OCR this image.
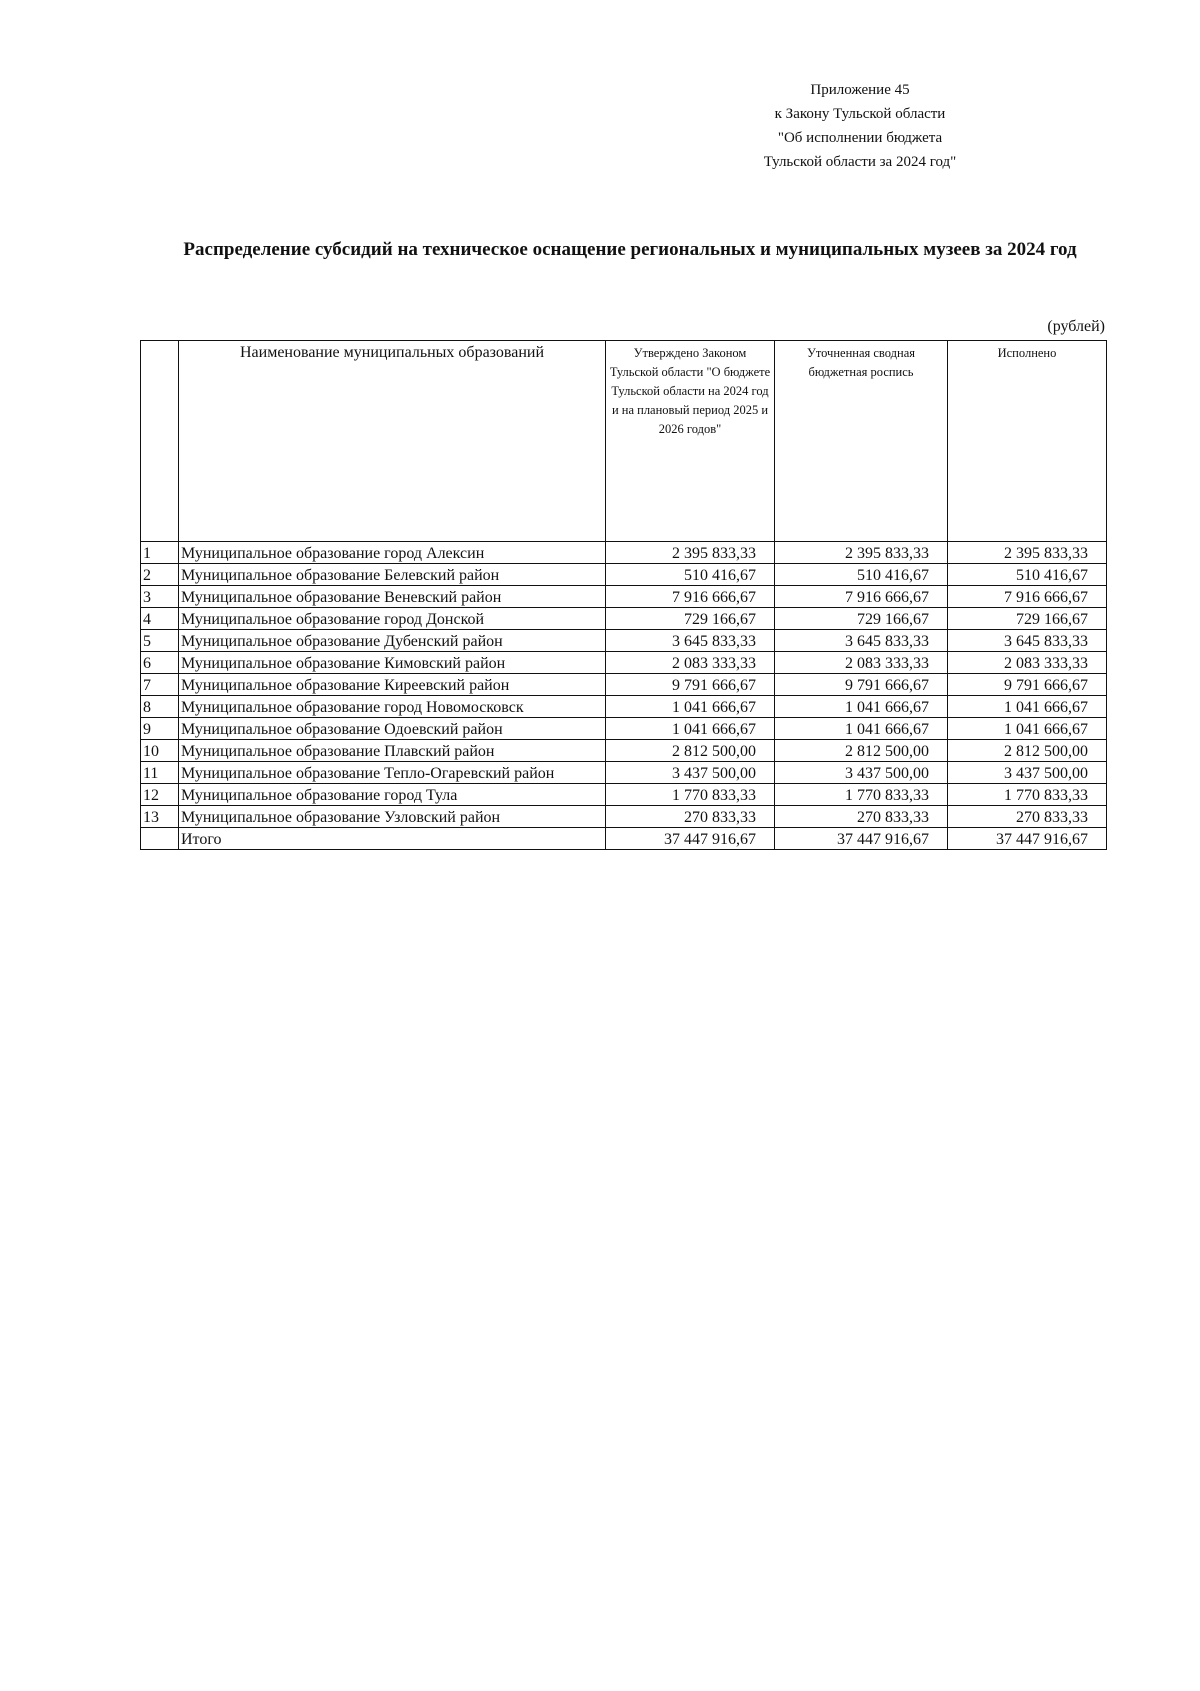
Приложение 45
к Закону Тульской области
"Об исполнении бюджета
Тульской области за 2024 год"
Распределение субсидий на техническое оснащение региональных и муниципальных музеев за 2024 год
(рублей)
	Наименование муниципальных образований	Утверждено Законом Тульской области "О бюджете Тульской области на 2024 год и на плановый период 2025 и 2026 годов"	Уточненная сводная бюджетная роспись	Исполнено
1	Муниципальное образование город Алексин	2 395 833,33	2 395 833,33	2 395 833,33
2	Муниципальное образование Белевский район	510 416,67	510 416,67	510 416,67
3	Муниципальное образование Веневский район	7 916 666,67	7 916 666,67	7 916 666,67
4	Муниципальное образование город Донской	729 166,67	729 166,67	729 166,67
5	Муниципальное образование Дубенский район	3 645 833,33	3 645 833,33	3 645 833,33
6	Муниципальное образование Кимовский район	2 083 333,33	2 083 333,33	2 083 333,33
7	Муниципальное образование Киреевский район	9 791 666,67	9 791 666,67	9 791 666,67
8	Муниципальное образование город Новомосковск	1 041 666,67	1 041 666,67	1 041 666,67
9	Муниципальное образование Одоевский район	1 041 666,67	1 041 666,67	1 041 666,67
10	Муниципальное образование Плавский район	2 812 500,00	2 812 500,00	2 812 500,00
11	Муниципальное образование Тепло-Огаревский район	3 437 500,00	3 437 500,00	3 437 500,00
12	Муниципальное образование город Тула	1 770 833,33	1 770 833,33	1 770 833,33
13	Муниципальное образование Узловский район	270 833,33	270 833,33	270 833,33
	Итого	37 447 916,67	37 447 916,67	37 447 916,67
